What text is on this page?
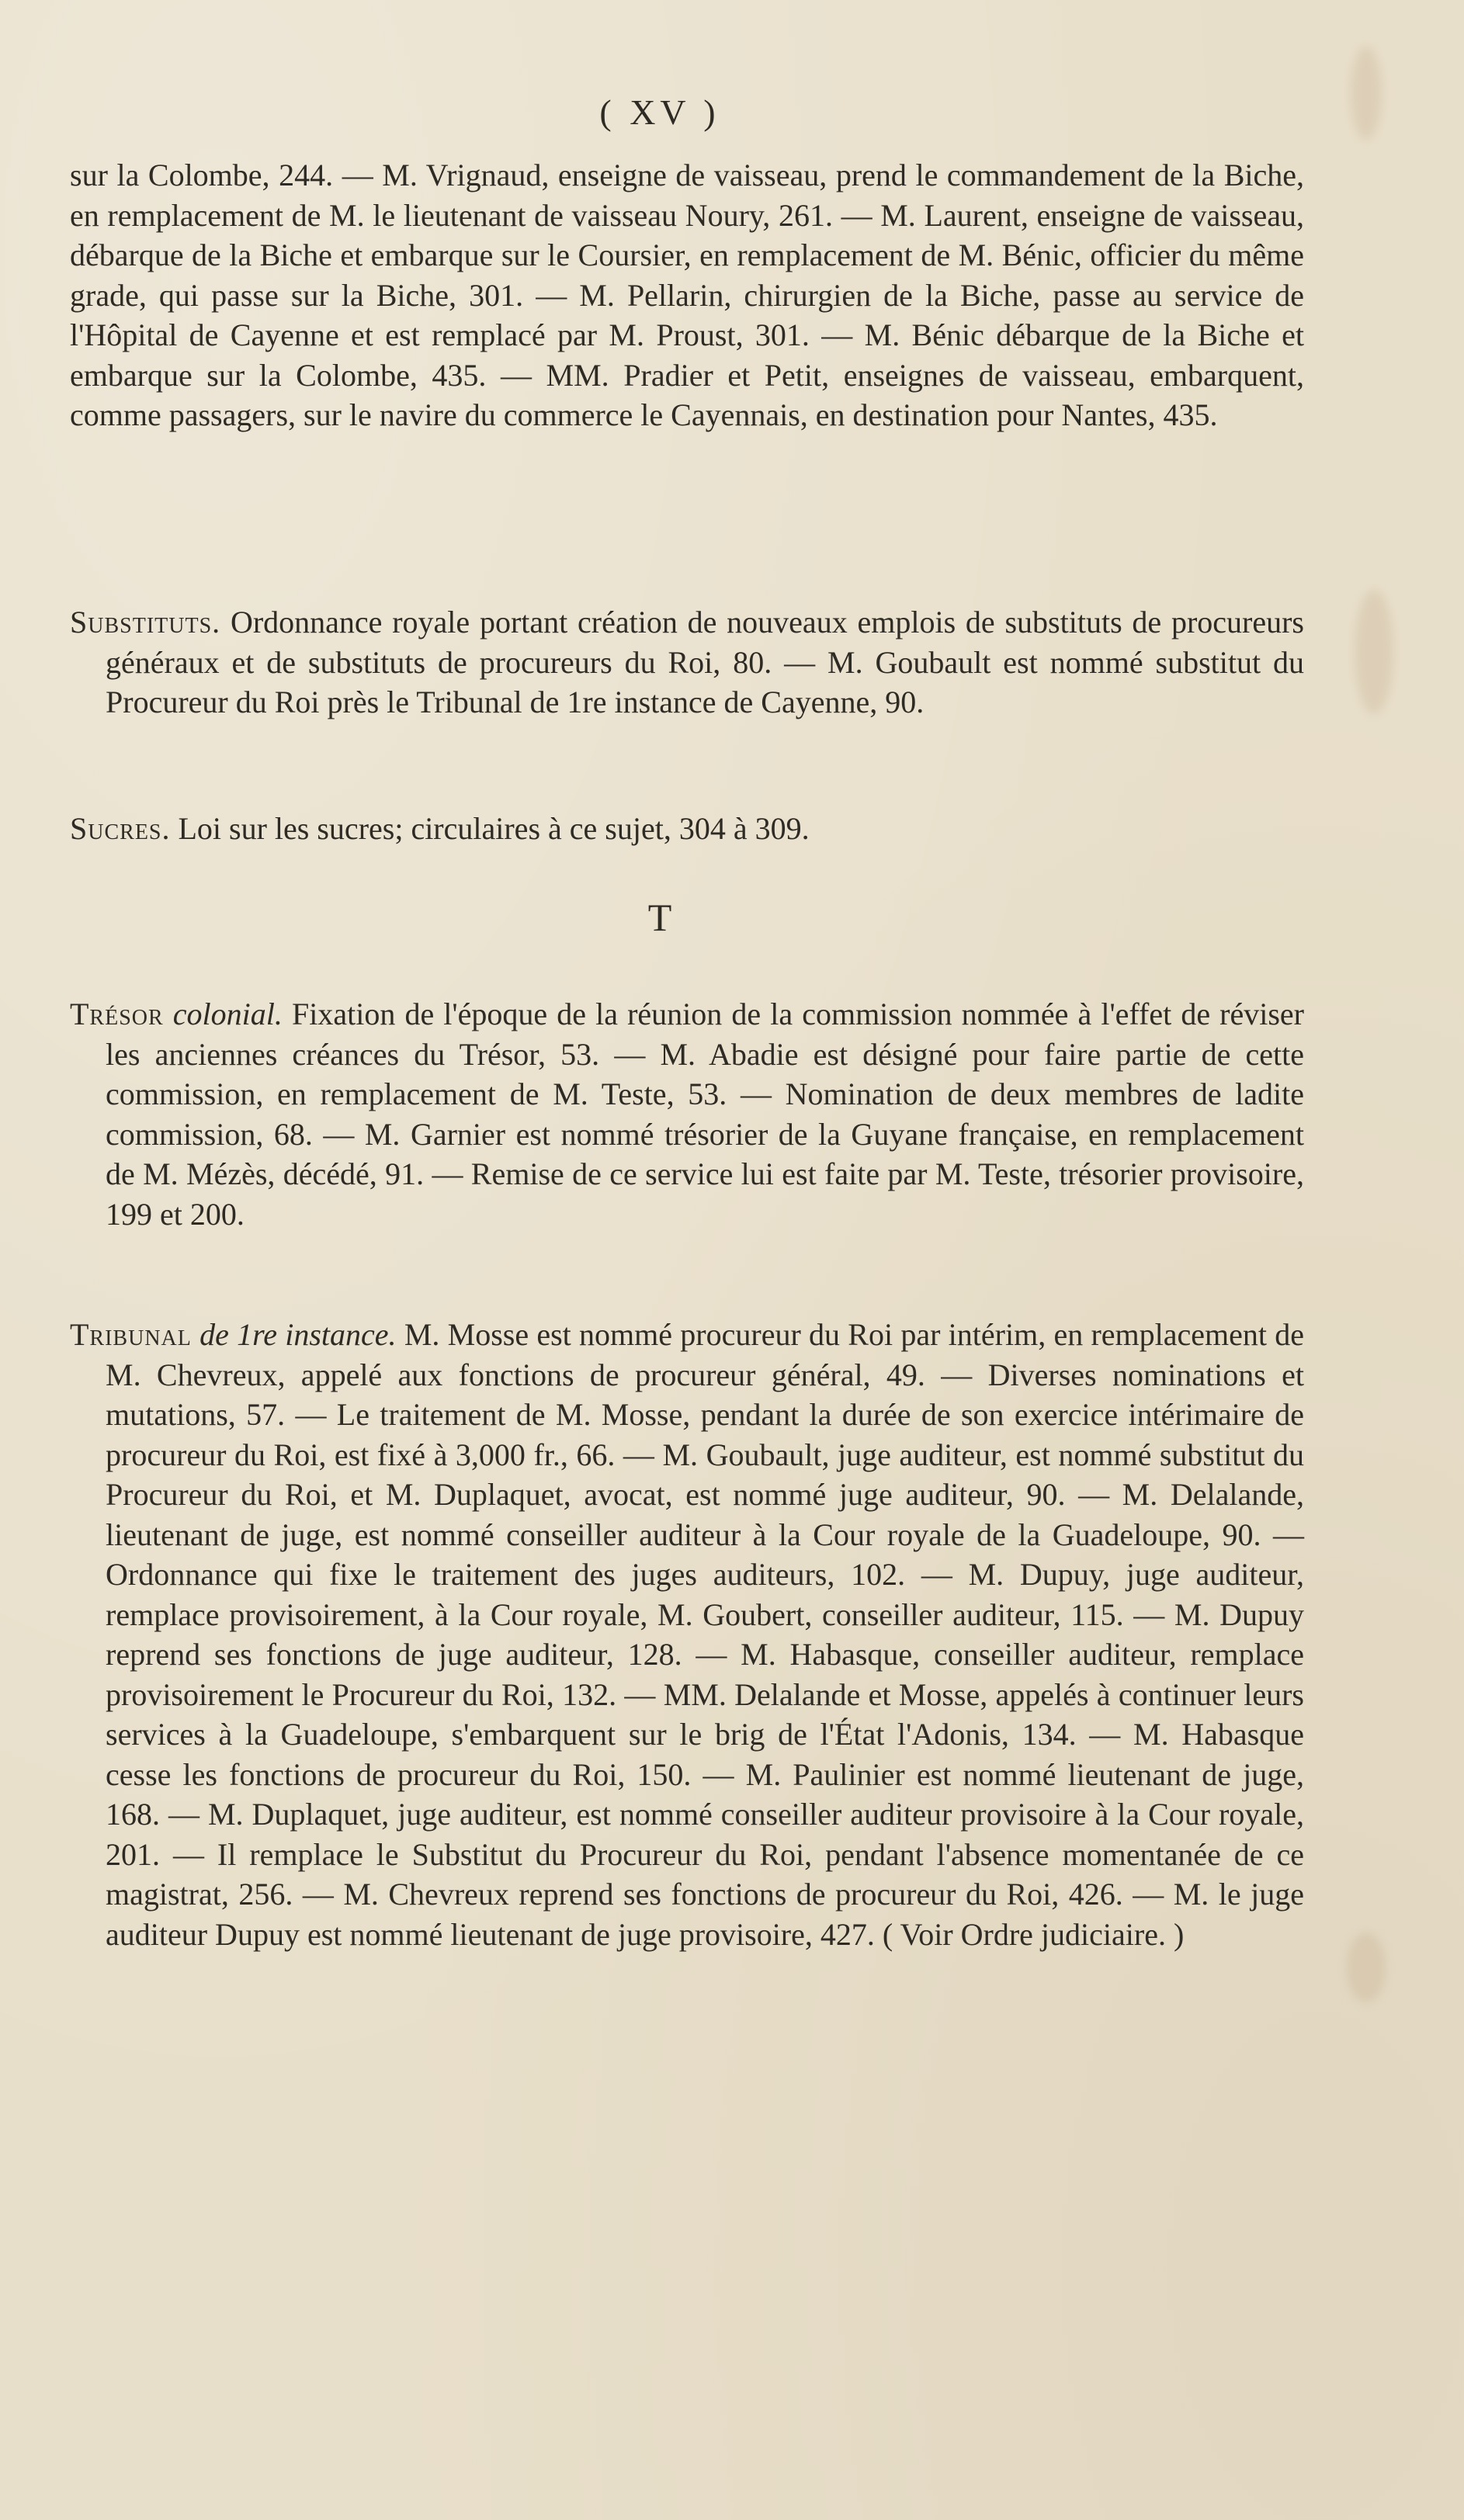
( XV )

sur la Colombe, 244. — M. Vrignaud, enseigne de vaisseau, prend le commandement de la Biche, en remplacement de M. le lieutenant de vaisseau Noury, 261. — M. Laurent, enseigne de vaisseau, débarque de la Biche et embarque sur le Coursier, en remplacement de M. Bénic, officier du même grade, qui passe sur la Biche, 301. — M. Pellarin, chirurgien de la Biche, passe au service de l'Hôpital de Cayenne et est remplacé par M. Proust, 301. — M. Bénic débarque de la Biche et embarque sur la Colombe, 435. — MM. Pradier et Petit, enseignes de vaisseau, embarquent, comme passagers, sur le navire du commerce le Cayennais, en destination pour Nantes, 435.

Substituts. Ordonnance royale portant création de nouveaux emplois de substituts de procureurs généraux et de substituts de procureurs du Roi, 80. — M. Goubault est nommé substitut du Procureur du Roi près le Tribunal de 1re instance de Cayenne, 90.

Sucres. Loi sur les sucres; circulaires à ce sujet, 304 à 309.

T

Trésor colonial. Fixation de l'époque de la réunion de la commission nommée à l'effet de réviser les anciennes créances du Trésor, 53. — M. Abadie est désigné pour faire partie de cette commission, en remplacement de M. Teste, 53. — Nomination de deux membres de ladite commission, 68. — M. Garnier est nommé trésorier de la Guyane française, en remplacement de M. Mézès, décédé, 91. — Remise de ce service lui est faite par M. Teste, trésorier provisoire, 199 et 200.

Tribunal de 1re instance. M. Mosse est nommé procureur du Roi par intérim, en remplacement de M. Chevreux, appelé aux fonctions de procureur général, 49. — Diverses nominations et mutations, 57. — Le traitement de M. Mosse, pendant la durée de son exercice intérimaire de procureur du Roi, est fixé à 3,000 fr., 66. — M. Goubault, juge auditeur, est nommé substitut du Procureur du Roi, et M. Duplaquet, avocat, est nommé juge auditeur, 90. — M. Delalande, lieutenant de juge, est nommé conseiller auditeur à la Cour royale de la Guadeloupe, 90. — Ordonnance qui fixe le traitement des juges auditeurs, 102. — M. Dupuy, juge auditeur, remplace provisoirement, à la Cour royale, M. Goubert, conseiller auditeur, 115. — M. Dupuy reprend ses fonctions de juge auditeur, 128. — M. Habasque, conseiller auditeur, remplace provisoirement le Procureur du Roi, 132. — MM. Delalande et Mosse, appelés à continuer leurs services à la Guadeloupe, s'embarquent sur le brig de l'État l'Adonis, 134. — M. Habasque cesse les fonctions de procureur du Roi, 150. — M. Paulinier est nommé lieutenant de juge, 168. — M. Duplaquet, juge auditeur, est nommé conseiller auditeur provisoire à la Cour royale, 201. — Il remplace le Substitut du Procureur du Roi, pendant l'absence momentanée de ce magistrat, 256. — M. Chevreux reprend ses fonctions de procureur du Roi, 426. — M. le juge auditeur Dupuy est nommé lieutenant de juge provisoire, 427. ( Voir Ordre judiciaire. )
